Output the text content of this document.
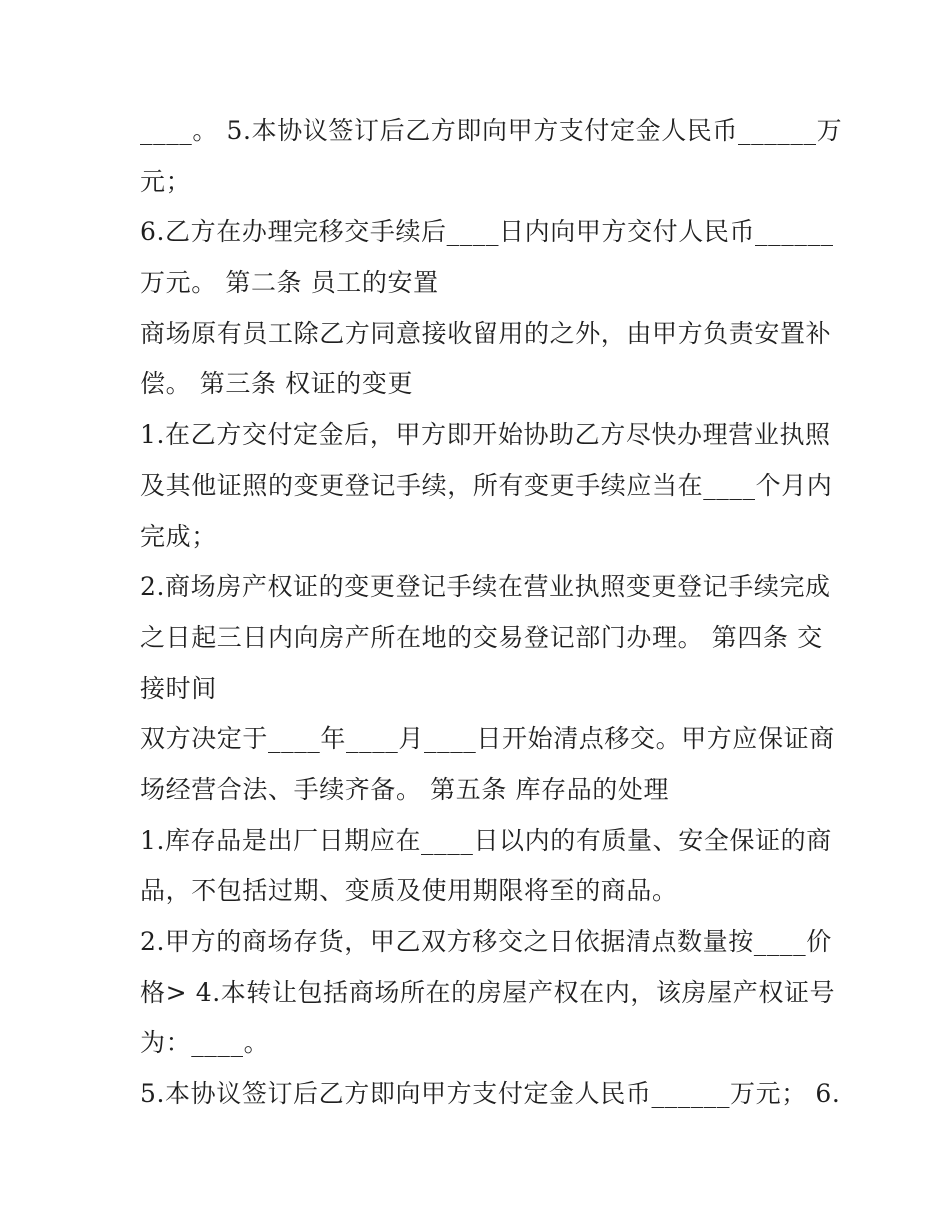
____。 5.本协议签订后乙方即向甲方支付定金人民币______万
元；
6.乙方在办理完移交手续后____日内向甲方交付人民币______
万元。 第二条 员工的安置
商场原有员工除乙方同意接收留用的之外，由甲方负责安置补
偿。 第三条 权证的变更
1.在乙方交付定金后，甲方即开始协助乙方尽快办理营业执照
及其他证照的变更登记手续，所有变更手续应当在____个月内
完成；
2.商场房产权证的变更登记手续在营业执照变更登记手续完成
之日起三日内向房产所在地的交易登记部门办理。 第四条 交
接时间
双方决定于____年____月____日开始清点移交。甲方应保证商
场经营合法、手续齐备。 第五条 库存品的处理
1.库存品是出厂日期应在____日以内的有质量、安全保证的商
品，不包括过期、变质及使用期限将至的商品。
2.甲方的商场存货，甲乙双方移交之日依据清点数量按____价
格> 4.本转让包括商场所在的房屋产权在内，该房屋产权证号
为：____。
5.本协议签订后乙方即向甲方支付定金人民币______万元； 6.
